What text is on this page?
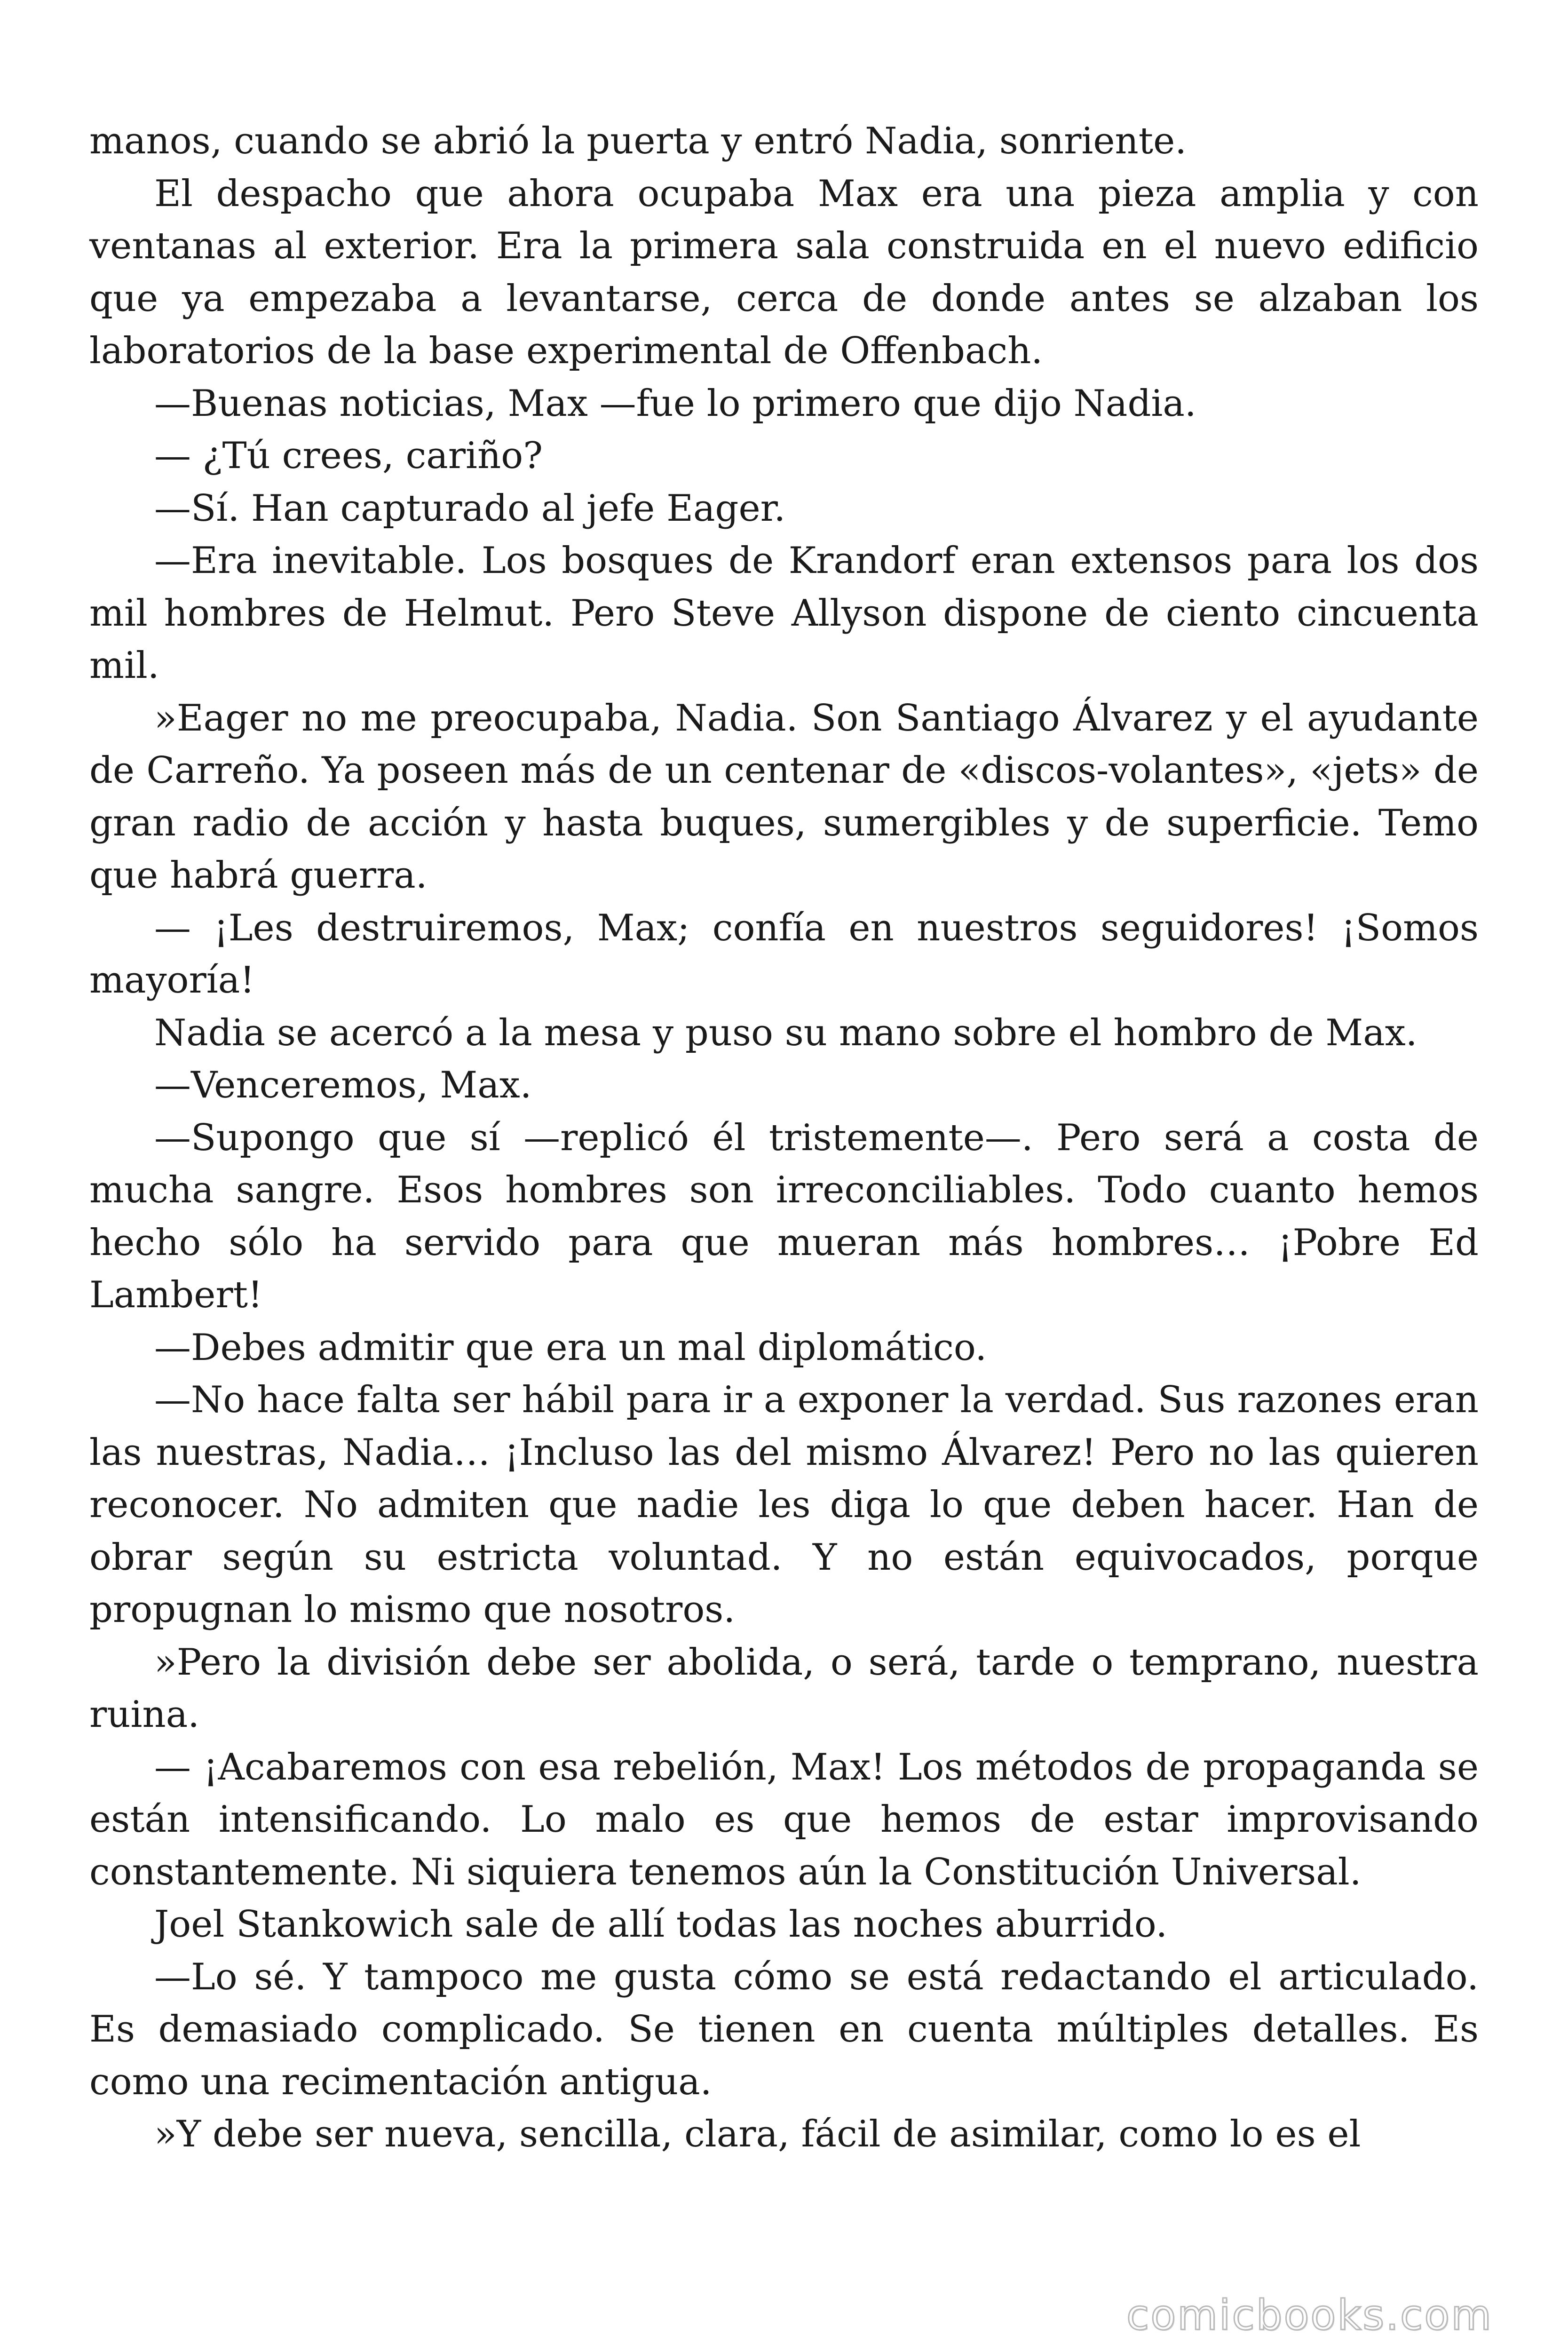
manos, cuando se abrió la puerta y entró Nadia, sonriente.

El despacho que ahora ocupaba Max era una pieza amplia y con ventanas al exterior. Era la primera sala construida en el nuevo edificio que ya empezaba a levantarse, cerca de donde antes se alzaban los laboratorios de la base experimental de Offenbach.

—Buenas noticias, Max —fue lo primero que dijo Nadia.

— ¿Tú crees, cariño?

—Sí. Han capturado al jefe Eager.

—Era inevitable. Los bosques de Krandorf eran extensos para los dos mil hombres de Helmut. Pero Steve Allyson dispone de ciento cincuenta mil.

»Eager no me preocupaba, Nadia. Son Santiago Álvarez y el ayudante de Carreño. Ya poseen más de un centenar de «discos-volantes», «jets» de gran radio de acción y hasta buques, sumergibles y de superficie. Temo que habrá guerra.

— ¡Les destruiremos, Max; confía en nuestros seguidores! ¡Somos mayoría!

Nadia se acercó a la mesa y puso su mano sobre el hombro de Max.

—Venceremos, Max.

—Supongo que sí —replicó él tristemente—. Pero será a costa de mucha sangre. Esos hombres son irreconciliables. Todo cuanto hemos hecho sólo ha servido para que mueran más hombres… ¡Pobre Ed Lambert!

—Debes admitir que era un mal diplomático.

—No hace falta ser hábil para ir a exponer la verdad. Sus razones eran las nuestras, Nadia… ¡Incluso las del mismo Álvarez! Pero no las quieren reconocer. No admiten que nadie les diga lo que deben hacer. Han de obrar según su estricta voluntad. Y no están equivocados, porque propugnan lo mismo que nosotros.

»Pero la división debe ser abolida, o será, tarde o temprano, nuestra ruina.

— ¡Acabaremos con esa rebelión, Max! Los métodos de propaganda se están intensificando. Lo malo es que hemos de estar improvisando constantemente. Ni siquiera tenemos aún la Constitución Universal.

Joel Stankowich sale de allí todas las noches aburrido.

—Lo sé. Y tampoco me gusta cómo se está redactando el articulado. Es demasiado complicado. Se tienen en cuenta múltiples detalles. Es como una recimentación antigua.

»Y debe ser nueva, sencilla, clara, fácil de asimilar, como lo es el

comicbooks.com
